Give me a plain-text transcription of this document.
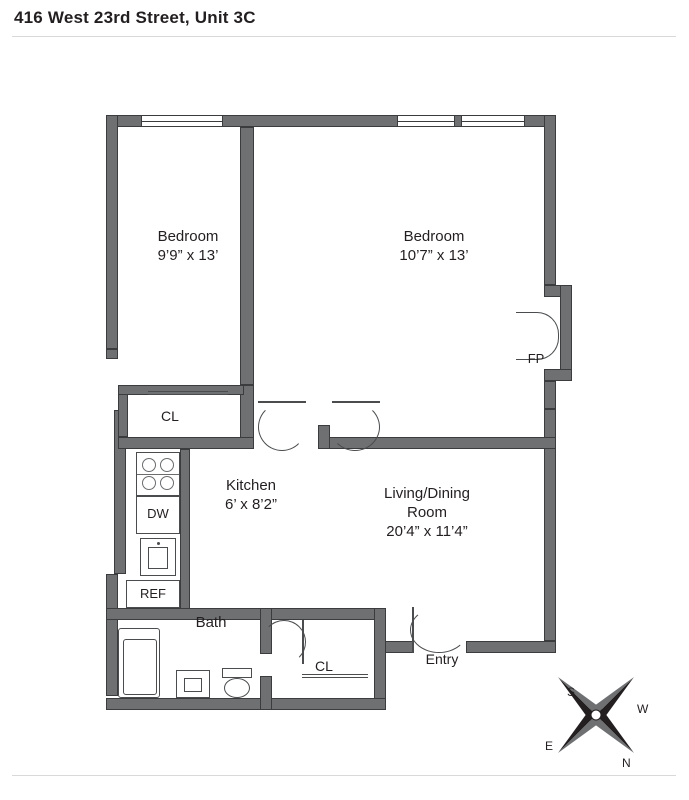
416 West 23rd Street, Unit 3C
DW
REF
FP
Bedroom
9’9” x 13’
Bedroom
10’7” x 13’
Kitchen
6’ x 8’2”
Living/Dining
Room
20’4” x 11’4”
Bath
CL
CL	Entry
S
W
N
E
